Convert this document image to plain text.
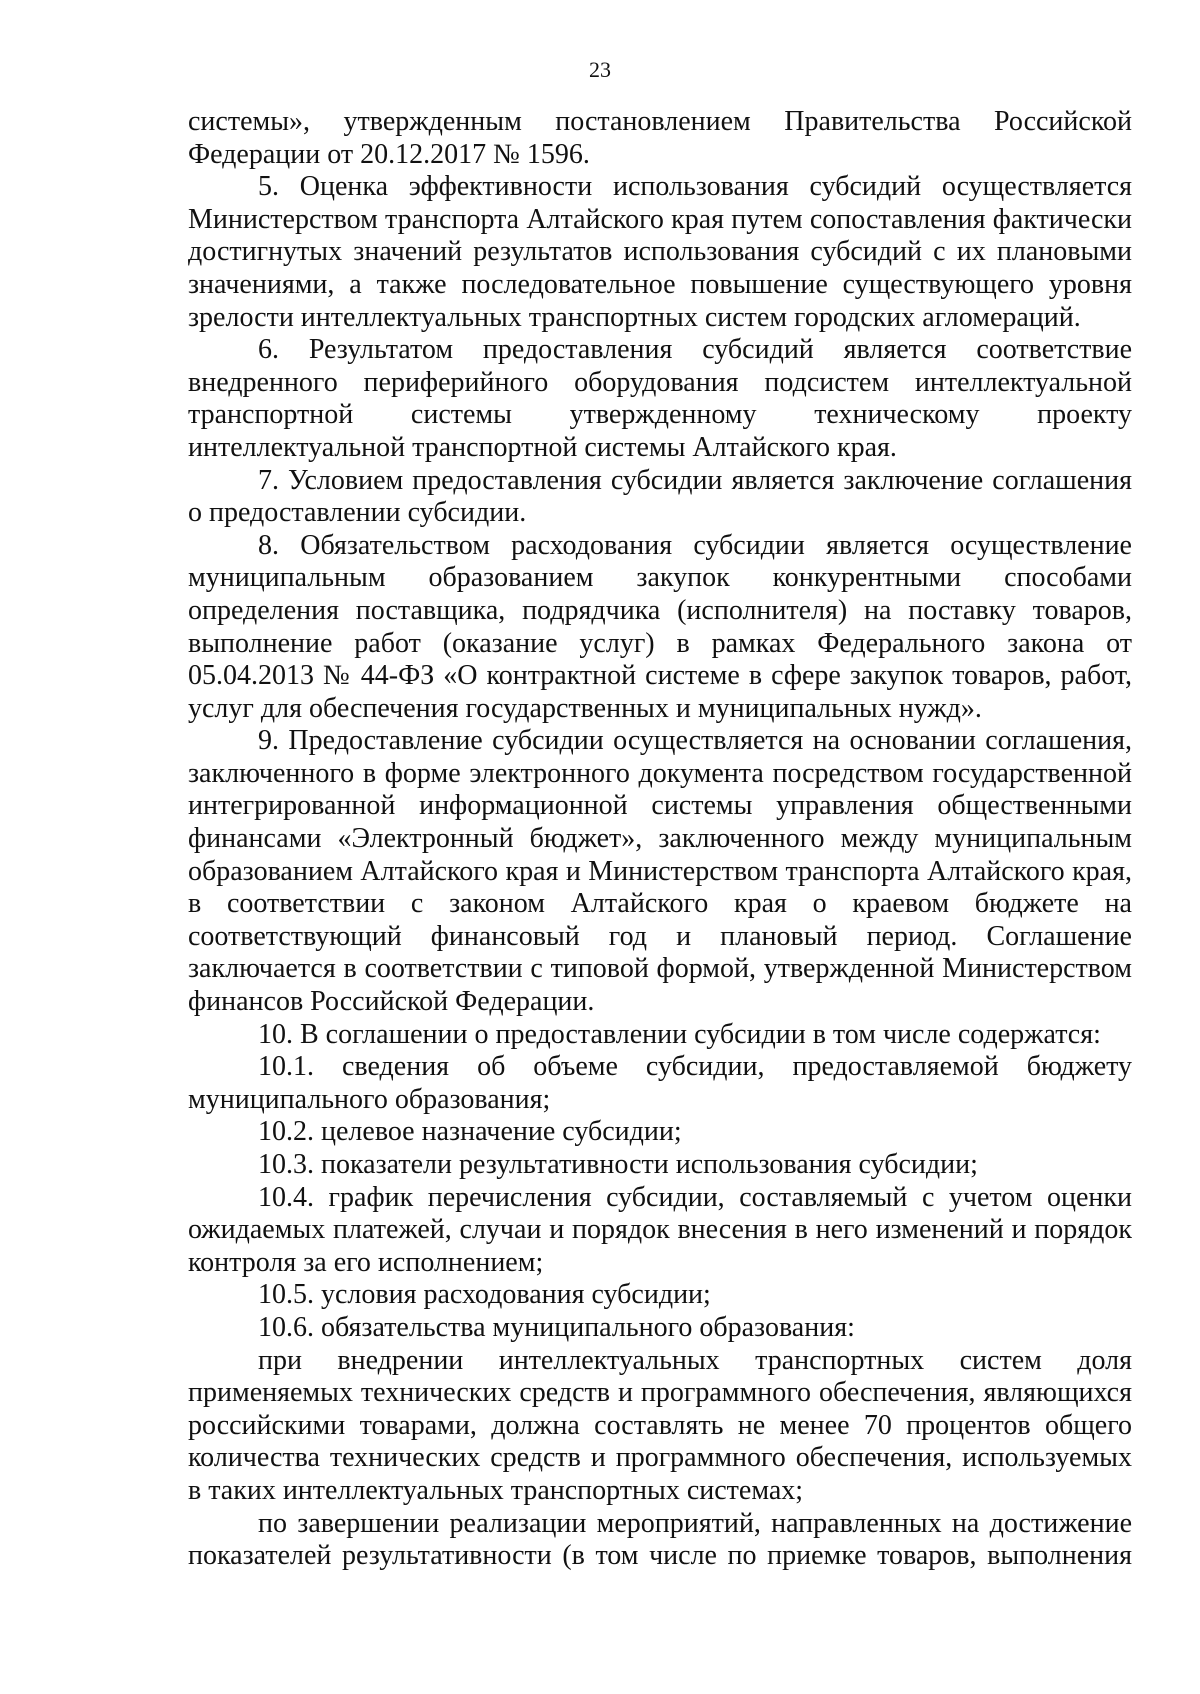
23

системы», утвержденным постановлением Правительства Российской Федерации от 20.12.2017 № 1596.

5. Оценка эффективности использования субсидий осуществляется Министерством транспорта Алтайского края путем сопоставления фактически достигнутых значений результатов использования субсидий с их плановыми значениями, а также последовательное повышение существующего уровня зрелости интеллектуальных транспортных систем городских агломераций.

6. Результатом предоставления субсидий является соответствие внедренного периферийного оборудования подсистем интеллектуальной транспортной системы утвержденному техническому проекту интеллектуальной транспортной системы Алтайского края.

7. Условием предоставления субсидии является заключение соглашения о предоставлении субсидии.

8. Обязательством расходования субсидии является осуществление муниципальным образованием закупок конкурентными способами определения поставщика, подрядчика (исполнителя) на поставку товаров, выполнение работ (оказание услуг) в рамках Федерального закона от 05.04.2013 № 44-ФЗ «О контрактной системе в сфере закупок товаров, работ, услуг для обеспечения государственных и муниципальных нужд».

9. Предоставление субсидии осуществляется на основании соглашения, заключенного в форме электронного документа посредством государственной интегрированной информационной системы управления общественными финансами «Электронный бюджет», заключенного между муниципальным образованием Алтайского края и Министерством транспорта Алтайского края, в соответствии с законом Алтайского края о краевом бюджете на соответствующий финансовый год и плановый период. Соглашение заключается в соответствии с типовой формой, утвержденной Министерством финансов Российской Федерации.

10. В соглашении о предоставлении субсидии в том числе содержатся:

10.1. сведения об объеме субсидии, предоставляемой бюджету муниципального образования;

10.2. целевое назначение субсидии;

10.3. показатели результативности использования субсидии;

10.4. график перечисления субсидии, составляемый с учетом оценки ожидаемых платежей, случаи и порядок внесения в него изменений и порядок контроля за его исполнением;

10.5. условия расходования субсидии;

10.6. обязательства муниципального образования:

при внедрении интеллектуальных транспортных систем доля применяемых технических средств и программного обеспечения, являющихся российскими товарами, должна составлять не менее 70 процентов общего количества технических средств и программного обеспечения, используемых в таких интеллектуальных транспортных системах;

по завершении реализации мероприятий, направленных на достижение показателей результативности (в том числе по приемке товаров, выполнения
